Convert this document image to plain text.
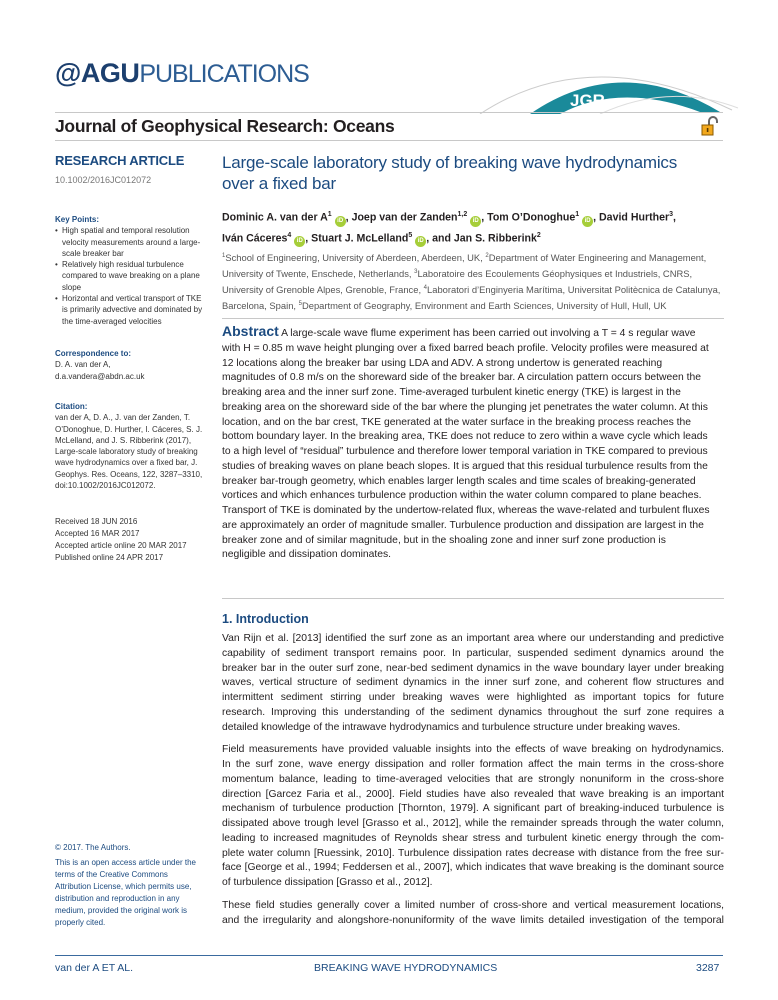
@AGUPUBLICATIONS
JGR
Journal of Geophysical Research: Oceans
RESEARCH ARTICLE
10.1002/2016JC012072
Large-scale laboratory study of breaking wave hydrodynamics
over a fixed bar
Dominic A. van der $A^1iD$ , Joep van der Zanden$^{1,2}$iD , Tom O’Donoghue$^1$iD , David Hurther$^3$,
Iván Cáceres$^4$iD , Stuart J. McLelland$^5$iD , and Jan S. Ribberink$^2$
$^1$School of Engineering, University of Aberdeen, Aberdeen, UK, $^2$Department of Water Engineering and Management, University of Twente, Enschede, Netherlands, $^3$Laboratoire des Ecoulements Géophysiques et Industriels, CNRS, University of Grenoble Alpes, Grenoble, France, $^4$Laboratori d’Enginyeria Marítima, Universitat Politècnica de Catalunya, Barcelona, Spain, $^5$Department of Geography, Environment and Earth Sciences, University of Hull, Hull, UK
Key Points:
• High spatial and temporal resolution velocity measurements around a large-scale breaker bar
• Relatively high residual turbulence compared to wave breaking on a plane slope
• Horizontal and vertical transport of TKE is primarily advective and dominated by the time-averaged velocities
Correspondence to:
D. A. van der A,
d.a.vandera@abdn.ac.uk
Citation:
van der A, D. A., J. van der Zanden, T. O’Donoghue, D. Hurther, I. Cáceres, S. J. McLelland, and J. S. Ribberink (2017), Large-scale laboratory study of breaking wave hydrodynamics over a fixed bar, J. Geophys. Res. Oceans, 122, 3287–3310, doi:10.1002/2016JC012072.
Received 18 JUN 2016
Accepted 16 MAR 2017
Accepted article online 20 MAR 2017
Published online 24 APR 2017
© 2017. The Authors.
This is an open access article under the terms of the Creative Commons Attribution License, which permits use, distribution and reproduction in any medium, provided the original work is properly cited.
Abstract A large-scale wave flume experiment has been carried out involving a T = 4 s regular wave
with H = 0.85 m wave height plunging over a fixed barred beach profile. Velocity profiles were measured at
12 locations along the breaker bar using LDA and ADV. A strong undertow is generated reaching
magnitudes of 0.8 m/s on the shoreward side of the breaker bar. A circulation pattern occurs between the
breaking area and the inner surf zone. Time-averaged turbulent kinetic energy (TKE) is largest in the
breaking area on the shoreward side of the bar where the plunging jet penetrates the water column. At this
location, and on the bar crest, TKE generated at the water surface in the breaking process reaches the
bottom boundary layer. In the breaking area, TKE does not reduce to zero within a wave cycle which leads
to a high level of “residual” turbulence and therefore lower temporal variation in TKE compared to previous
studies of breaking waves on plane beach slopes. It is argued that this residual turbulence results from the
breaker bar-trough geometry, which enables larger length scales and time scales of breaking-generated
vortices and which enhances turbulence production within the water column compared to plane beaches.
Transport of TKE is dominated by the undertow-related flux, whereas the wave-related and turbulent fluxes
are approximately an order of magnitude smaller. Turbulence production and dissipation are largest in the
breaker zone and of similar magnitude, but in the shoaling zone and inner surf zone production is
negligible and dissipation dominates.
1. Introduction
Van Rijn et al. [2013] identified the surf zone as an important area where our understanding and predictive
capability of sediment transport remains poor. In particular, suspended sediment dynamics around the
breaker bar in the outer surf zone, near-bed sediment dynamics in the wave boundary layer under breaking
waves, vertical structure of sediment dynamics in the inner surf zone, and coherent flow structures and
intermittent sediment stirring under breaking waves were highlighted as important topics for future
research. Improving this understanding of the sediment dynamics throughout the surf zone requires a
detailed knowledge of the intrawave hydrodynamics and turbulence structure under breaking waves.
Field measurements have provided valuable insights into the effects of wave breaking on hydrodynamics.
In the surf zone, wave energy dissipation and roller formation affect the main terms in the cross-shore
momentum balance, leading to time-averaged velocities that are strongly nonuniform in the cross-shore
direction [Garcez Faria et al., 2000]. Field studies have also revealed that wave breaking is an important
mechanism of turbulence production [Thornton, 1979]. A significant part of breaking-induced turbulence is
dissipated above trough level [Grasso et al., 2012], while the remainder spreads through the water column,
leading to increased magnitudes of Reynolds shear stress and turbulent kinetic energy through the com-
plete water column [Ruessink, 2010]. Turbulence dissipation rates decrease with distance from the free sur-
face [George et al., 1994; Feddersen et al., 2007], which indicates that wave breaking is the dominant source
of turbulence dissipation [Grasso et al., 2012].
These field studies generally cover a limited number of cross-shore and vertical measurement locations,
and the irregularity and alongshore-nonuniformity of the wave limits detailed investigation of the temporal
van der A ET AL.	BREAKING WAVE HYDRODYNAMICS	3287
